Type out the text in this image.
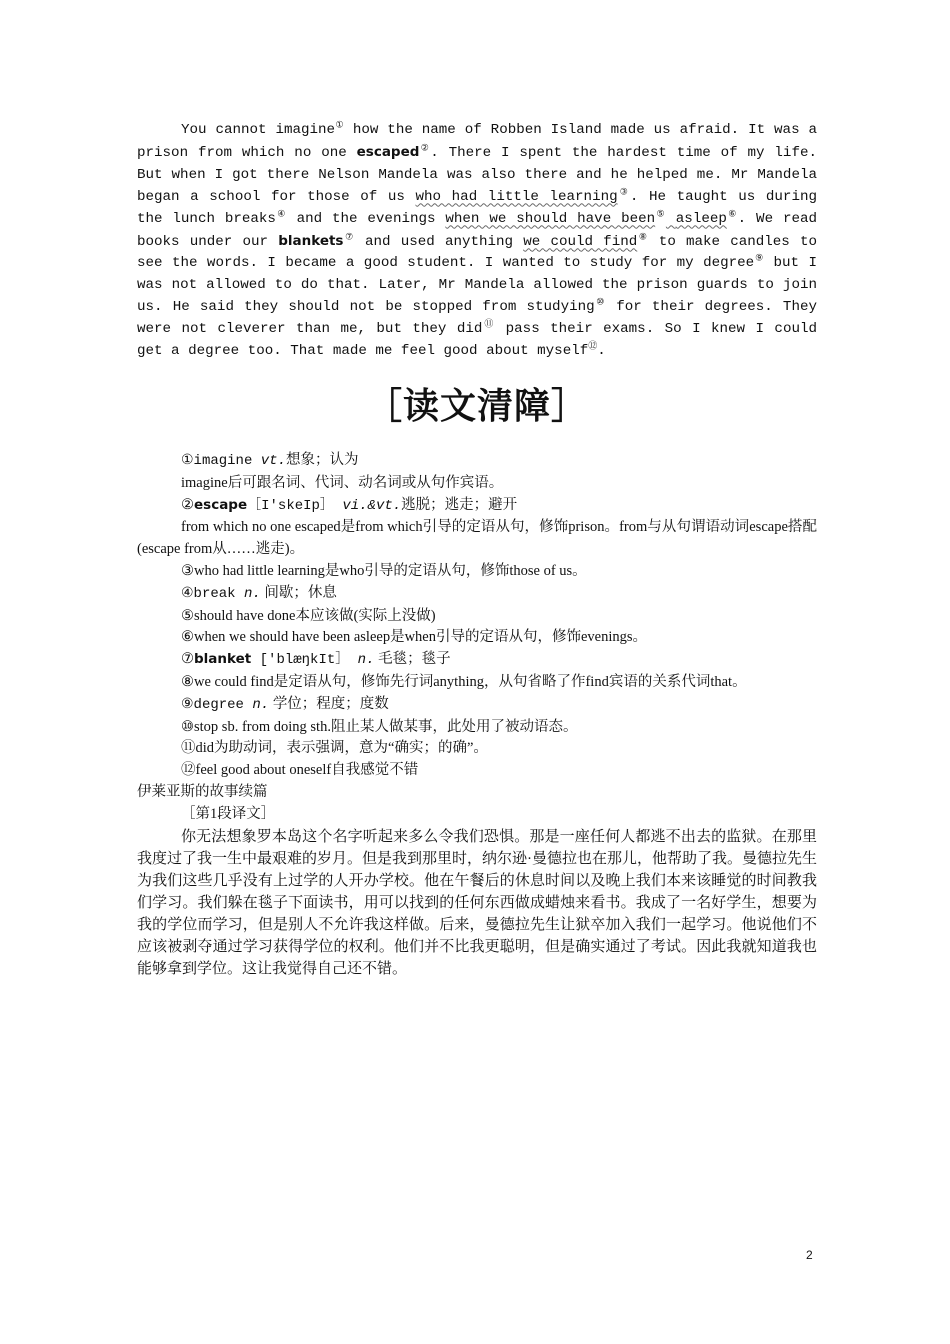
You cannot imagine① how the name of Robben Island made us afraid. It was a prison from which no one escaped②. There I spent the hardest time of my life. But when I got there Nelson Mandela was also there and he helped me. Mr Mandela began a school for those of us who had little learning③. He taught us during the lunch breaks④ and the evenings when we should have been⑤ asleep⑥. We read books under our blankets⑦ and used anything we could find⑧ to make candles to see the words. I became a good student. I wanted to study for my degree⑨ but I was not allowed to do that. Later, Mr Mandela allowed the prison guards to join us. He said they should not be stopped from studying⑩ for their degrees. They were not cleverer than me, but they did⑪ pass their exams. So I knew I could get a degree too. That made me feel good about myself⑫.

［读文清障］

①imagine vt.想象；认为

imagine后可跟名词、代词、动名词或从句作宾语。

②escape［I'skeIp］ vi.&vt.逃脱；逃走；避开

from which no one escaped是from which引导的定语从句，修饰prison。from与从句谓语动词escape搭配(escape from从……逃走)。

③who had little learning是who引导的定语从句，修饰those of us。

④break n. 间歇；休息

⑤should have done本应该做(实际上没做)

⑥when we should have been asleep是when引导的定语从句，修饰evenings。

⑦blanket ['blæŋkIt］ n. 毛毯；毯子

⑧we could find是定语从句，修饰先行词anything，从句省略了作find宾语的关系代词that。

⑨degree n. 学位；程度；度数

⑩stop sb. from doing sth.阻止某人做某事，此处用了被动语态。

⑪did为助动词，表示强调，意为“确实；的确”。

⑫feel good about oneself自我感觉不错

伊莱亚斯的故事续篇

［第1段译文］

你无法想象罗本岛这个名字听起来多么令我们恐惧。那是一座任何人都逃不出去的监狱。在那里我度过了我一生中最艰难的岁月。但是我到那里时，纳尔逊·曼德拉也在那儿，他帮助了我。曼德拉先生为我们这些几乎没有上过学的人开办学校。他在午餐后的休息时间以及晚上我们本来该睡觉的时间教我们学习。我们躲在毯子下面读书，用可以找到的任何东西做成蜡烛来看书。我成了一名好学生，想要为我的学位而学习，但是别人不允许我这样做。后来，曼德拉先生让狱卒加入我们一起学习。他说他们不应该被剥夺通过学习获得学位的权利。他们并不比我更聪明，但是确实通过了考试。因此我就知道我也能够拿到学位。这让我觉得自己还不错。

2
